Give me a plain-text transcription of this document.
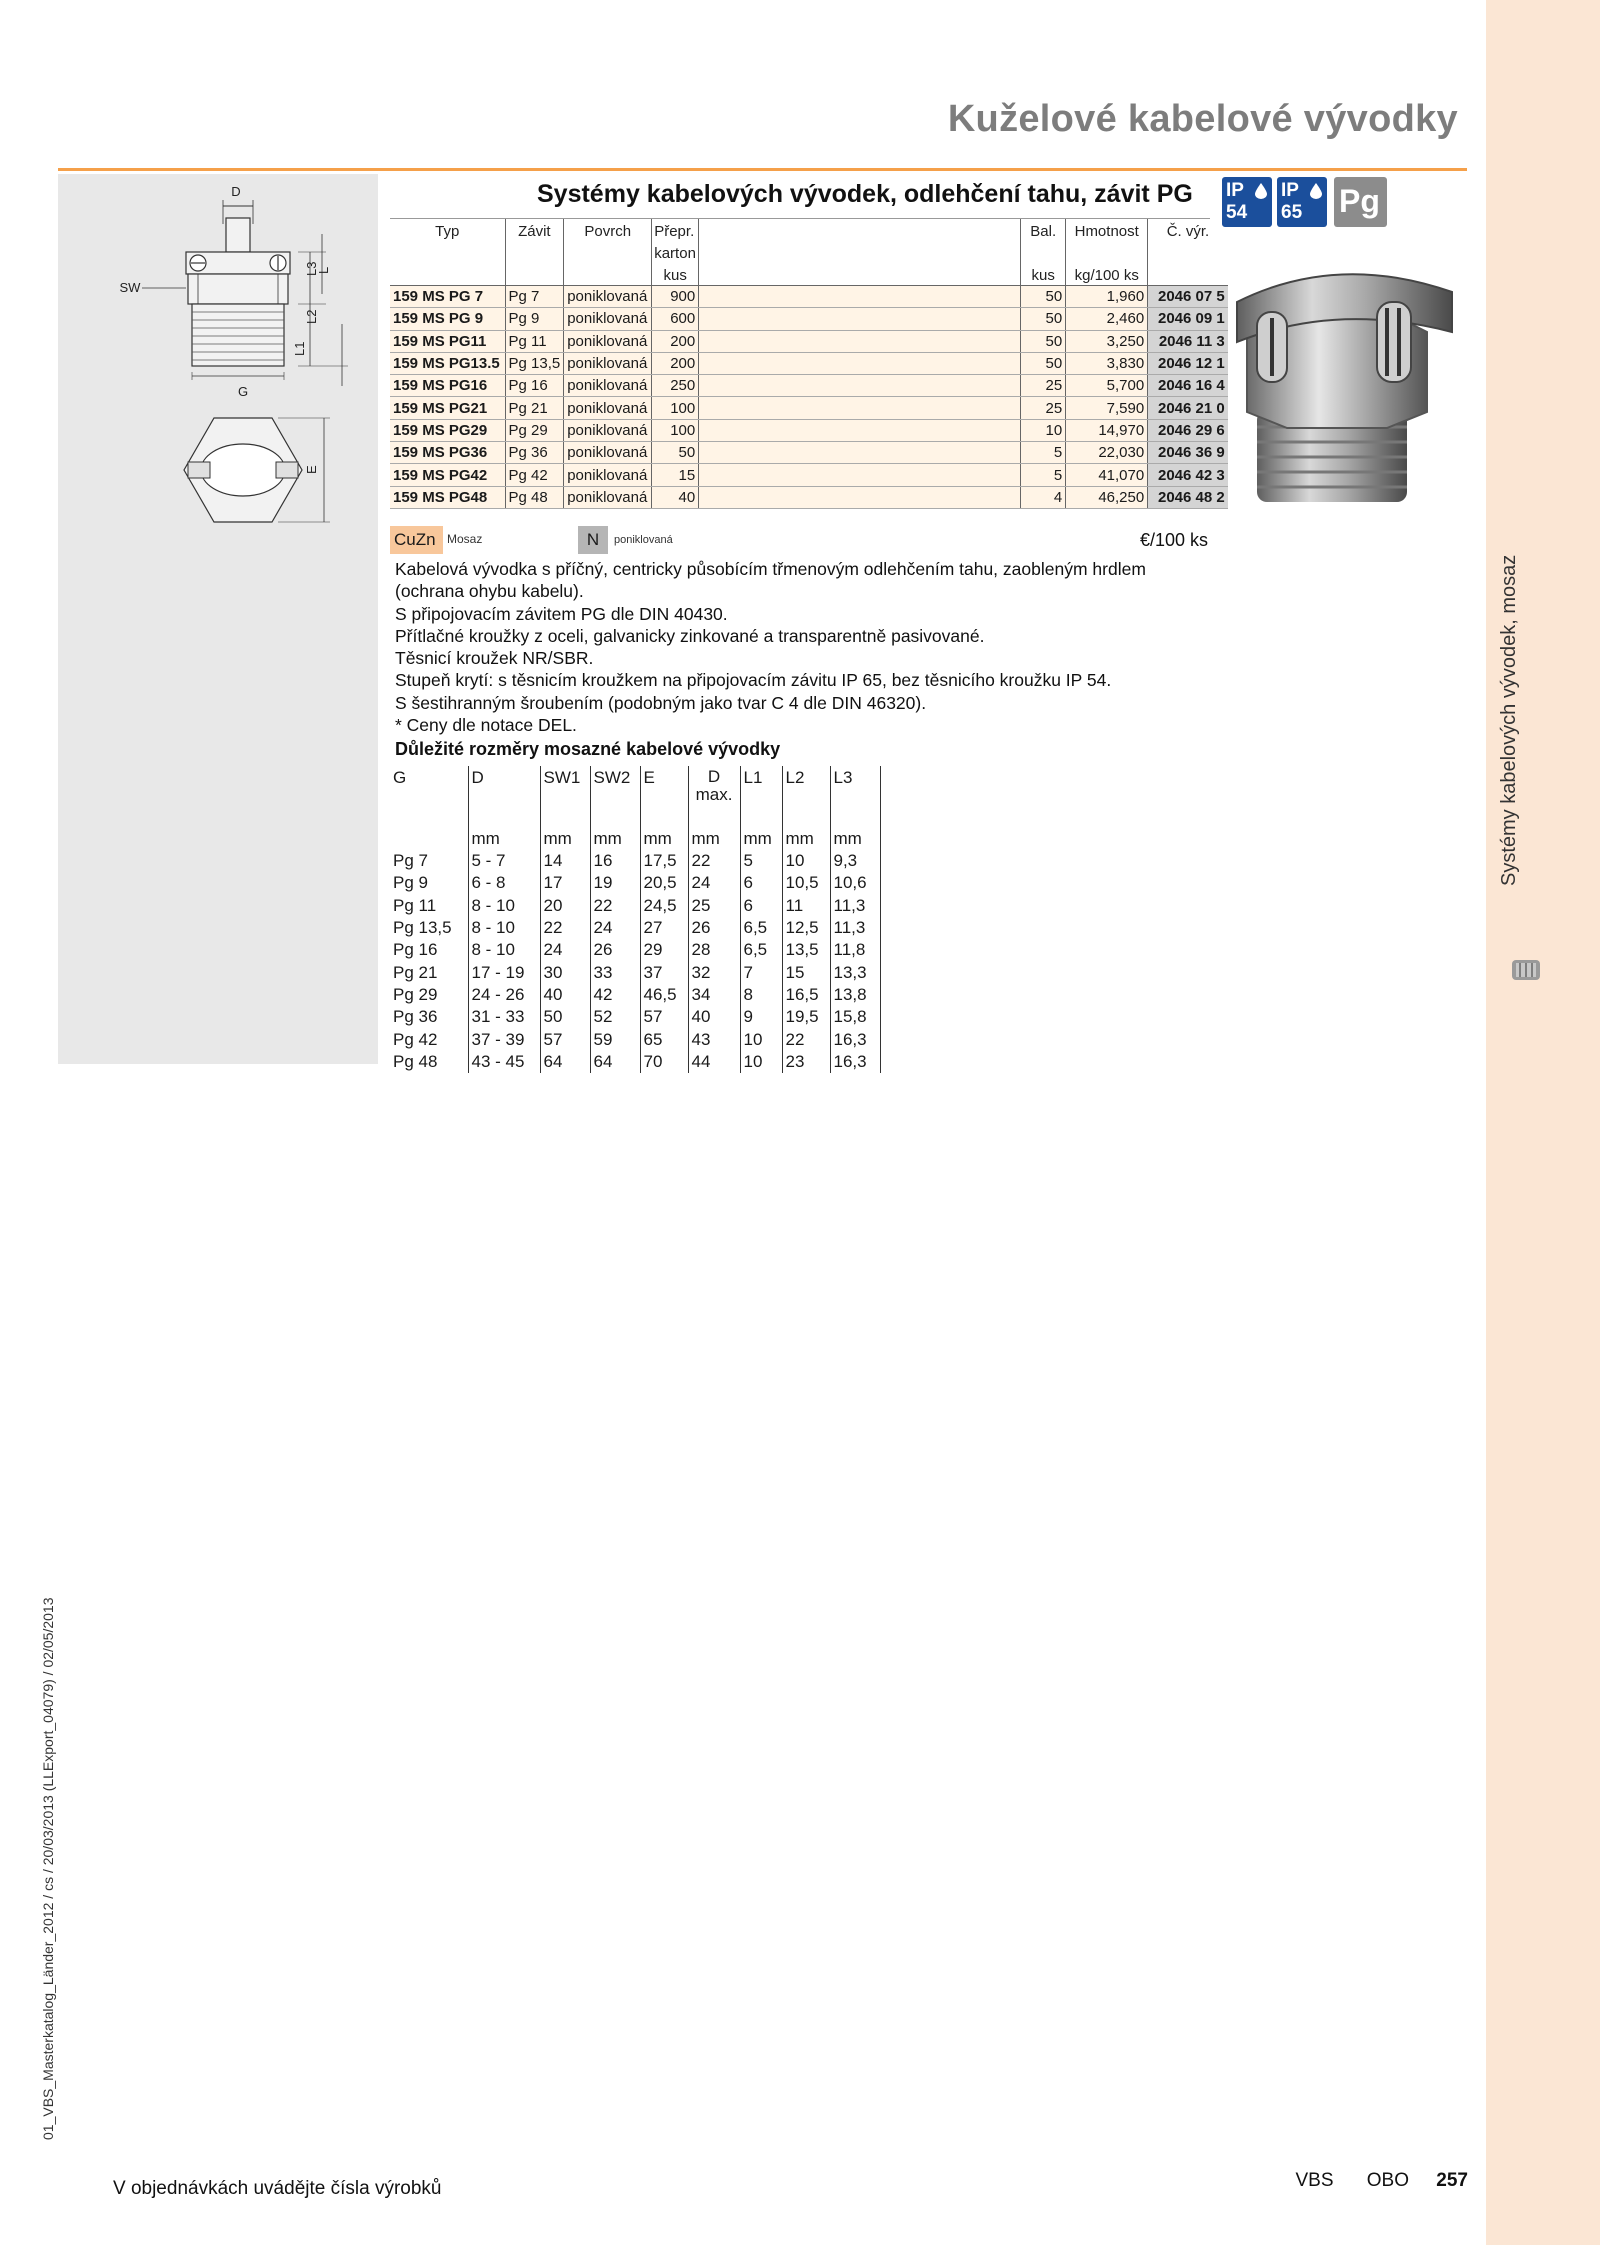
Systémy kabelových vývodek, mosaz
Kuželové kabelové vývodky
D
SW
L3
L
L2
L1
G
E
Systémy kabelových vývodek, odlehčení tahu, závit PG IP
54
IP
65 Pg
Typ	Závit	Povrch	Přepr. karton		Bal.	Hmotnost	Č. výr.
			kus		kus	kg/100 ks	
159 MS PG 7	Pg 7	poniklovaná	900		50	1,960	2046 07 5
159 MS PG 9	Pg 9	poniklovaná	600		50	2,460	2046 09 1
159 MS PG11	Pg 11	poniklovaná	200		50	3,250	2046 11 3
159 MS PG13.5	Pg 13,5	poniklovaná	200		50	3,830	2046 12 1
159 MS PG16	Pg 16	poniklovaná	250		25	5,700	2046 16 4
159 MS PG21	Pg 21	poniklovaná	100		25	7,590	2046 21 0
159 MS PG29	Pg 29	poniklovaná	100		10	14,970	2046 29 6
159 MS PG36	Pg 36	poniklovaná	50		5	22,030	2046 36 9
159 MS PG42	Pg 42	poniklovaná	15		5	41,070	2046 42 3
159 MS PG48	Pg 48	poniklovaná	40		4	46,250	2046 48 2
CuZn Mosaz	N	poniklovaná	€/100 ks

Kabelová vývodka s příčný, centricky působícím třmenovým odlehčením tahu, zaobleným hrdlem

(ochrana ohybu kabelu).

S připojovacím závitem PG dle DIN 40430.

Přítlačné kroužky z oceli, galvanicky zinkované a transparentně pasivované.

Těsnicí kroužek NR/SBR.

Stupeň krytí: s těsnicím kroužkem na připojovacím závitu IP 65, bez těsnicího kroužku IP 54.

S šestihranným šroubením (podobným jako tvar C 4 dle DIN 46320).

* Ceny dle notace DEL.

Důležité rozměry mosazné kabelové vývodky
G	D	SW1	SW2	E	D max.	L1	L2	L3

	mm	mm	mm	mm	mm	mm	mm	mm
Pg 7	5 - 7	14	16	17,5	22	5	10	9,3
Pg 9	6 - 8	17	19	20,5	24	6	10,5	10,6
Pg 11	8 - 10	20	22	24,5	25	6	11	11,3
Pg 13,5	8 - 10	22	24	27	26	6,5	12,5	11,3
Pg 16	8 - 10	24	26	29	28	6,5	13,5	11,8
Pg 21	17 - 19	30	33	37	32	7	15	13,3
Pg 29	24 - 26	40	42	46,5	34	8	16,5	13,8
Pg 36	31 - 33	50	52	57	40	9	19,5	15,8
Pg 42	37 - 39	57	59	65	43	10	22	16,3
Pg 48	43 - 45	64	64	70	44	10	23	16,3
V objednávkách uvádějte čísla výrobků	VBS OBO 257
01_VBS_Masterkatalog_Länder_2012 / cs / 20/03/2013 (LLExport_04079) / 02/05/2013
